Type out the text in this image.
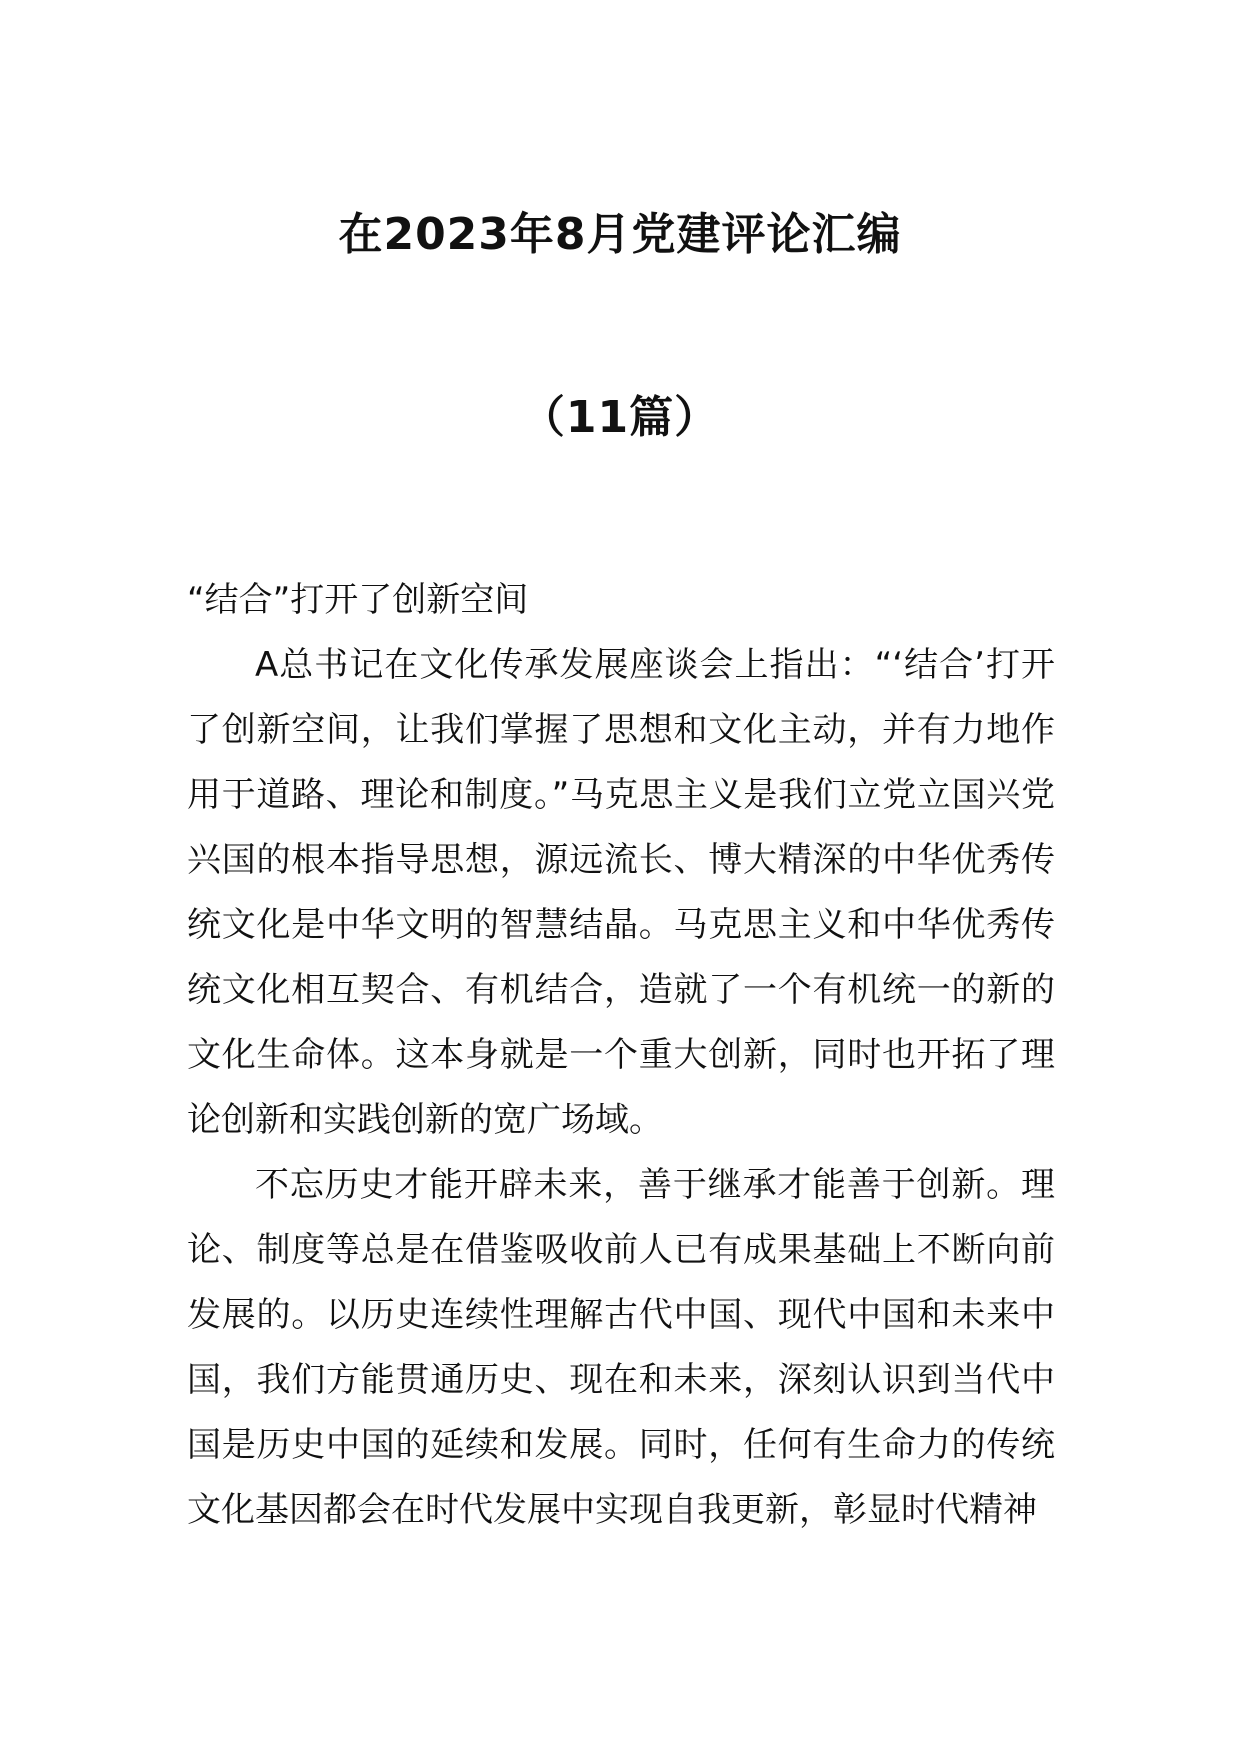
在2023年8月党建评论汇编
（11篇）

“结合”打开了创新空间

A总书记在文化传承发展座谈会上指出：“‘结合’打开了创新空间，让我们掌握了思想和文化主动，并有力地作用于道路、理论和制度。”马克思主义是我们立党立国兴党兴国的根本指导思想，源远流长、博大精深的中华优秀传统文化是中华文明的智慧结晶。马克思主义和中华优秀传统文化相互契合、有机结合，造就了一个有机统一的新的文化生命体。这本身就是一个重大创新，同时也开拓了理论创新和实践创新的宽广场域。

不忘历史才能开辟未来，善于继承才能善于创新。理论、制度等总是在借鉴吸收前人已有成果基础上不断向前发展的。以历史连续性理解古代中国、现代中国和未来中国，我们方能贯通历史、现在和未来，深刻认识到当代中国是历史中国的延续和发展。同时，任何有生命力的传统文化基因都会在时代发展中实现自我更新，彰显时代精神
